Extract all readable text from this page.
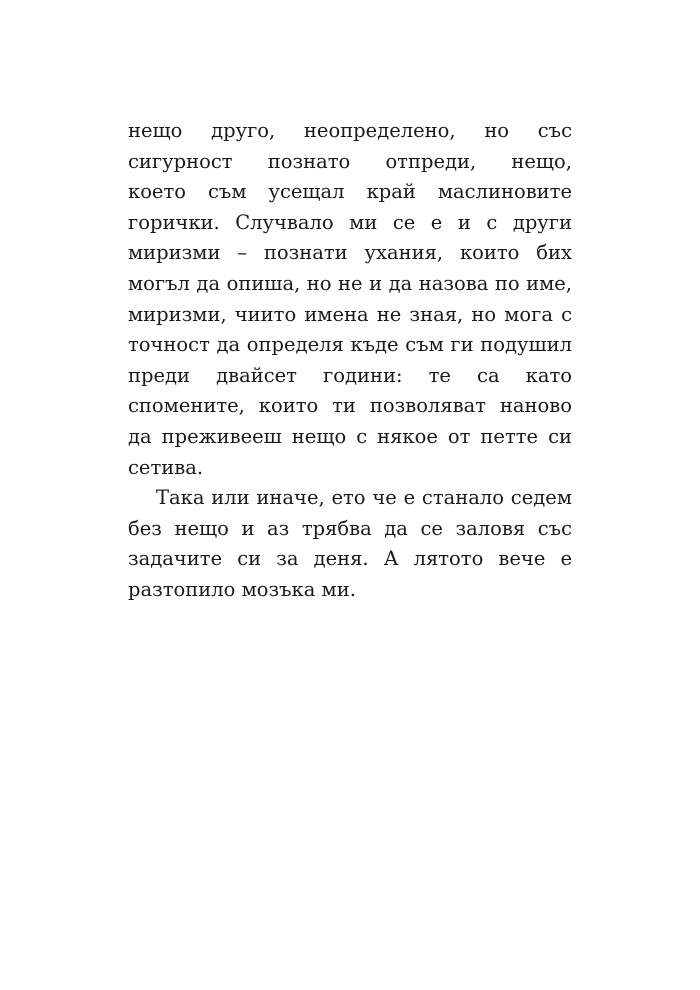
нещо друго, неопределено, но със
сигурност познато отпреди, нещо,
което съм усещал край маслиновите
горички. Случвало ми се е и с други
миризми – познати ухания, които бих
могъл да опиша, но не и да назова по име,
миризми, чиито имена не зная, но мога с
точност да определя къде съм ги подушил
преди двайсет години: те са като
спомените, които ти позволяват наново
да преживееш нещо с някое от петте си
сетива.

Така или иначе, ето че е станало седем
без нещо и аз трябва да се заловя със
задачите си за деня. А лятото вече е
разтопило мозъка ми.
